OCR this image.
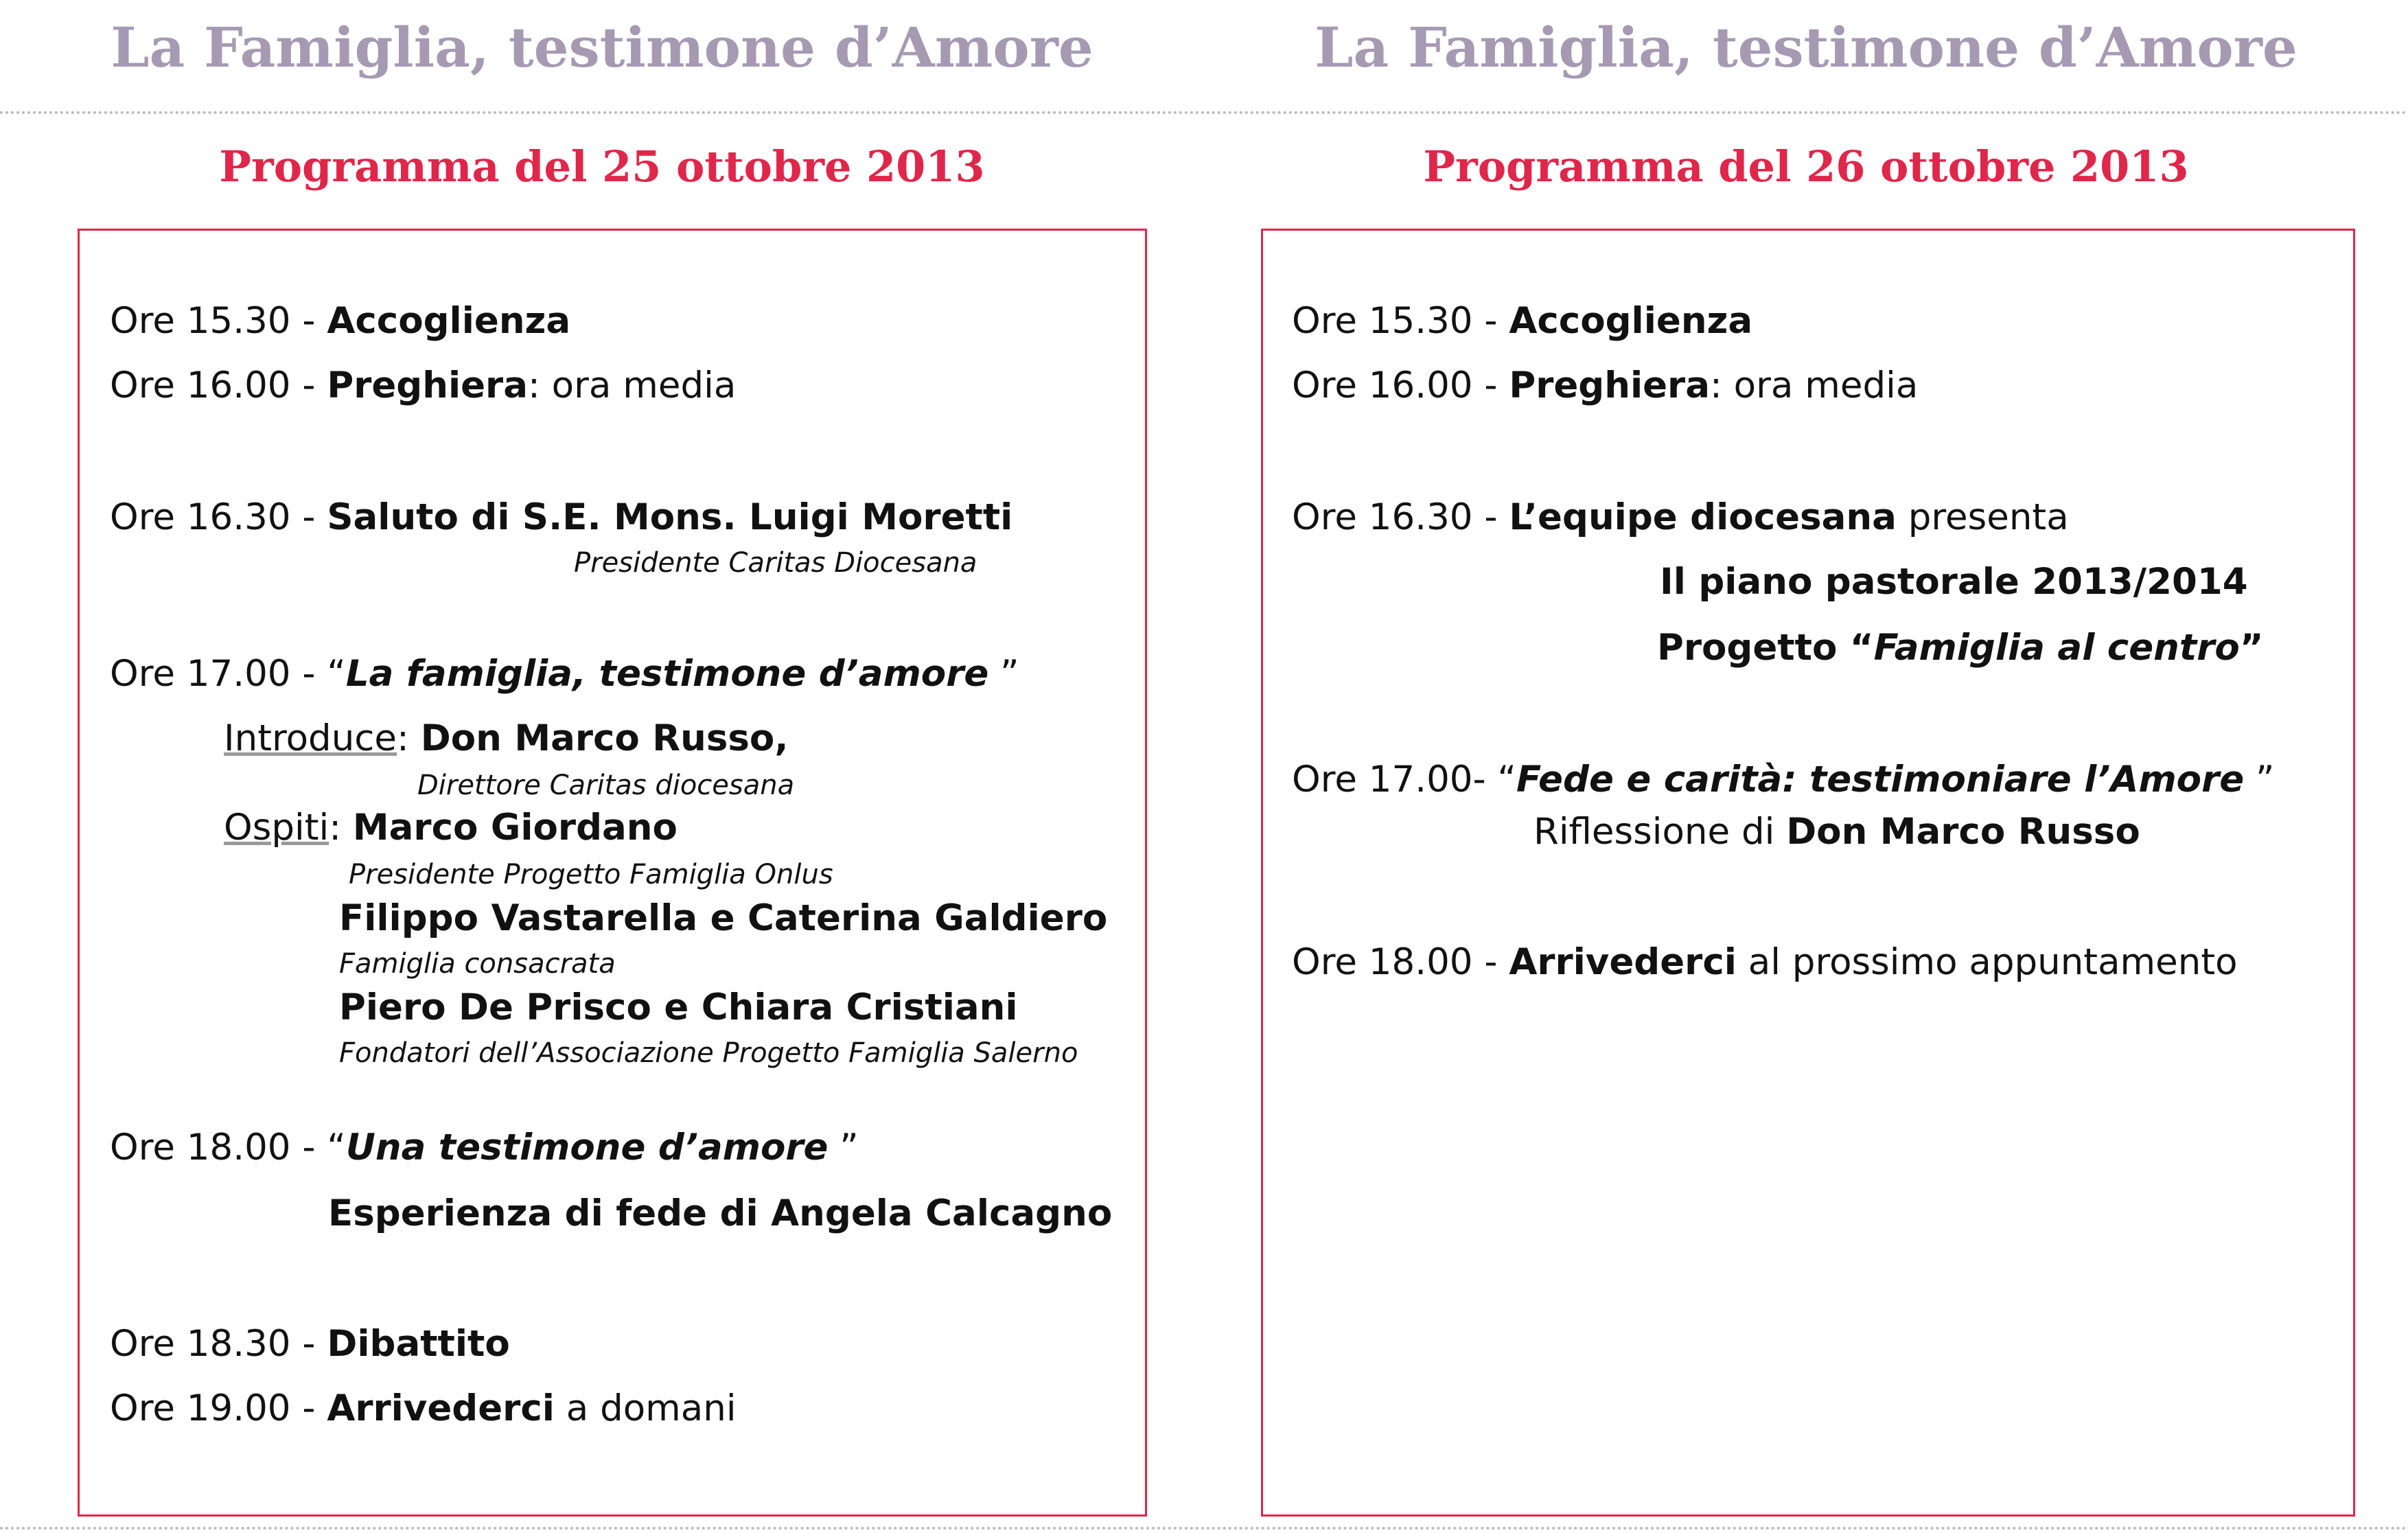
La Famiglia, testimone d’Amore	La Famiglia, testimone d’Amore
Programma del 25 ottobre 2013	Programma del 26 ottobre 2013
Ore 15.30 - Accoglienza
Ore 16.00 - Preghiera: ora media
Ore 16.30 - Saluto di S.E. Mons. Luigi Moretti
Presidente Caritas Diocesana
Ore 17.00 - “La famiglia, testimone d’amore ”
Introduce: Don Marco Russo,
Direttore Caritas diocesana
Ospiti: Marco Giordano
Presidente Progetto Famiglia Onlus
Filippo Vastarella e Caterina Galdiero
Famiglia consacrata
Piero De Prisco e Chiara Cristiani
Fondatori dell’Associazione Progetto Famiglia Salerno
Ore 18.00 - “Una testimone d’amore ”
Esperienza di fede di Angela Calcagno
Ore 18.30 - Dibattito
Ore 19.00 - Arrivederci a domani
Ore 15.30 - Accoglienza
Ore 16.00 - Preghiera: ora media
Ore 16.30 - L’equipe diocesana presenta
Il piano pastorale 2013/2014
Progetto “Famiglia al centro”
Ore 17.00- “Fede e carità: testimoniare l’Amore ”
Riflessione di Don Marco Russo
Ore 18.00 - Arrivederci al prossimo appuntamento
